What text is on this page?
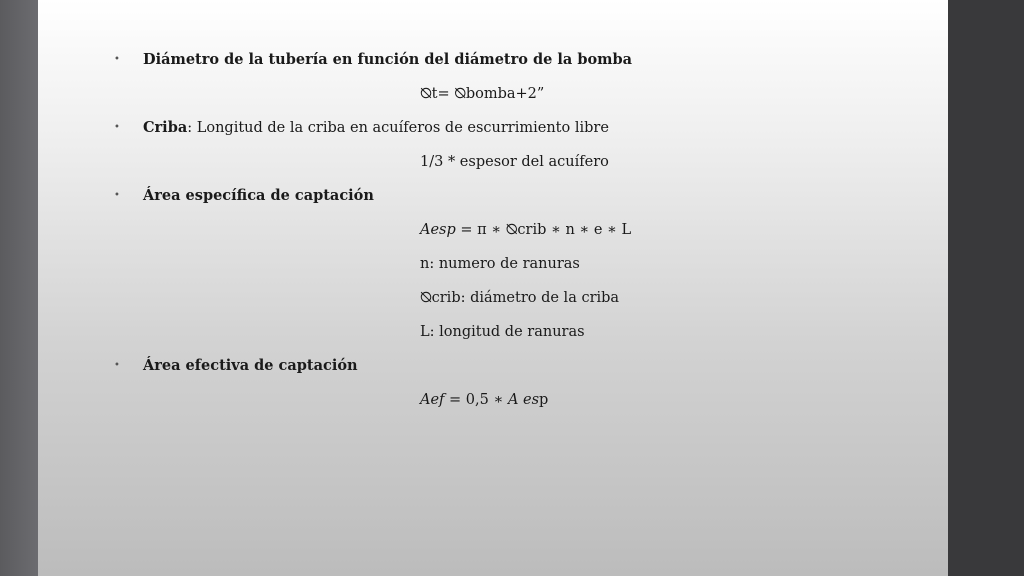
• Diámetro de la tubería en función del diámetro de la bomba
⦰t= ⦰bomba+2”
• Criba: Longitud de la criba en acuíferos de escurrimiento libre
1/3 * espesor del acuífero
• Área específica de captación
Aesp = π ∗ ⦰crib ∗ n ∗ e ∗ L
n: numero de ranuras
⦰crib: diámetro de la criba
L: longitud de ranuras
• Área efectiva de captación
Aef = 0,5 ∗ A esp
